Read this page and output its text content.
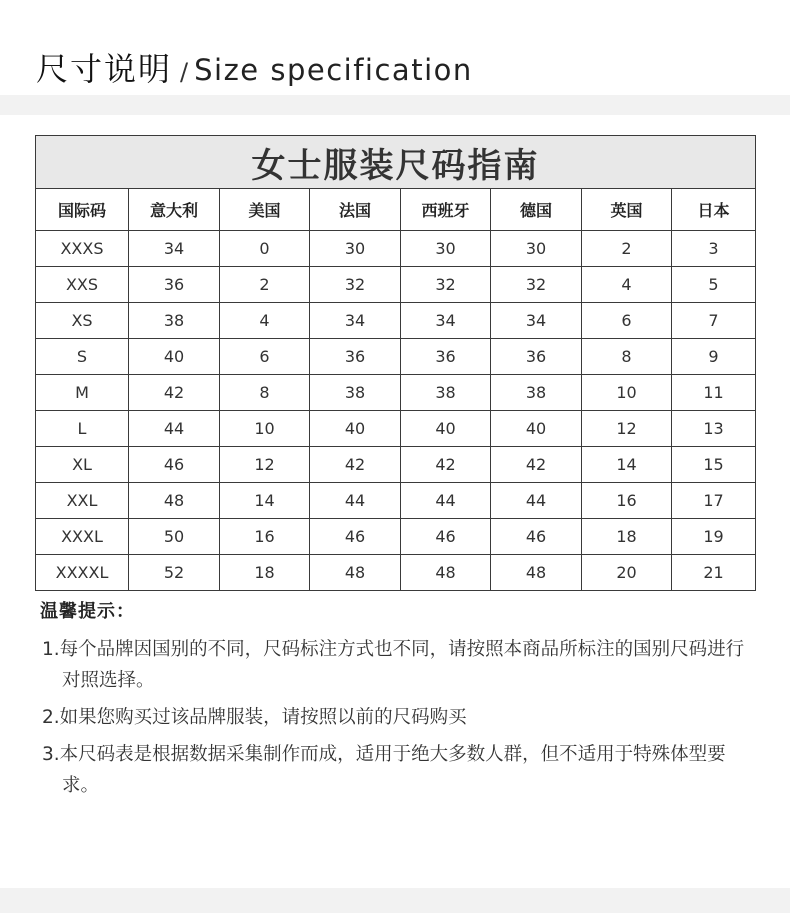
尺寸说明 / Size specification
女士服装尺码指南							
国际码	意大利	美国	法国	西班牙	德国	英国	日本
XXXS	34	0	30	30	30	2	3
XXS	36	2	32	32	32	4	5
XS	38	4	34	34	34	6	7
S	40	6	36	36	36	8	9
M	42	8	38	38	38	10	11
L	44	10	40	40	40	12	13
XL	46	12	42	42	42	14	15
XXL	48	14	44	44	44	16	17
XXXL	50	16	46	46	46	18	19
XXXXL	52	18	48	48	48	20	21
温馨提示：
1.每个品牌因国别的不同，尺码标注方式也不同，请按照本商品所标注的国别尺码进行对照选择。
2.如果您购买过该品牌服装，请按照以前的尺码购买
3.本尺码表是根据数据采集制作而成，适用于绝大多数人群，但不适用于特殊体型要求。
